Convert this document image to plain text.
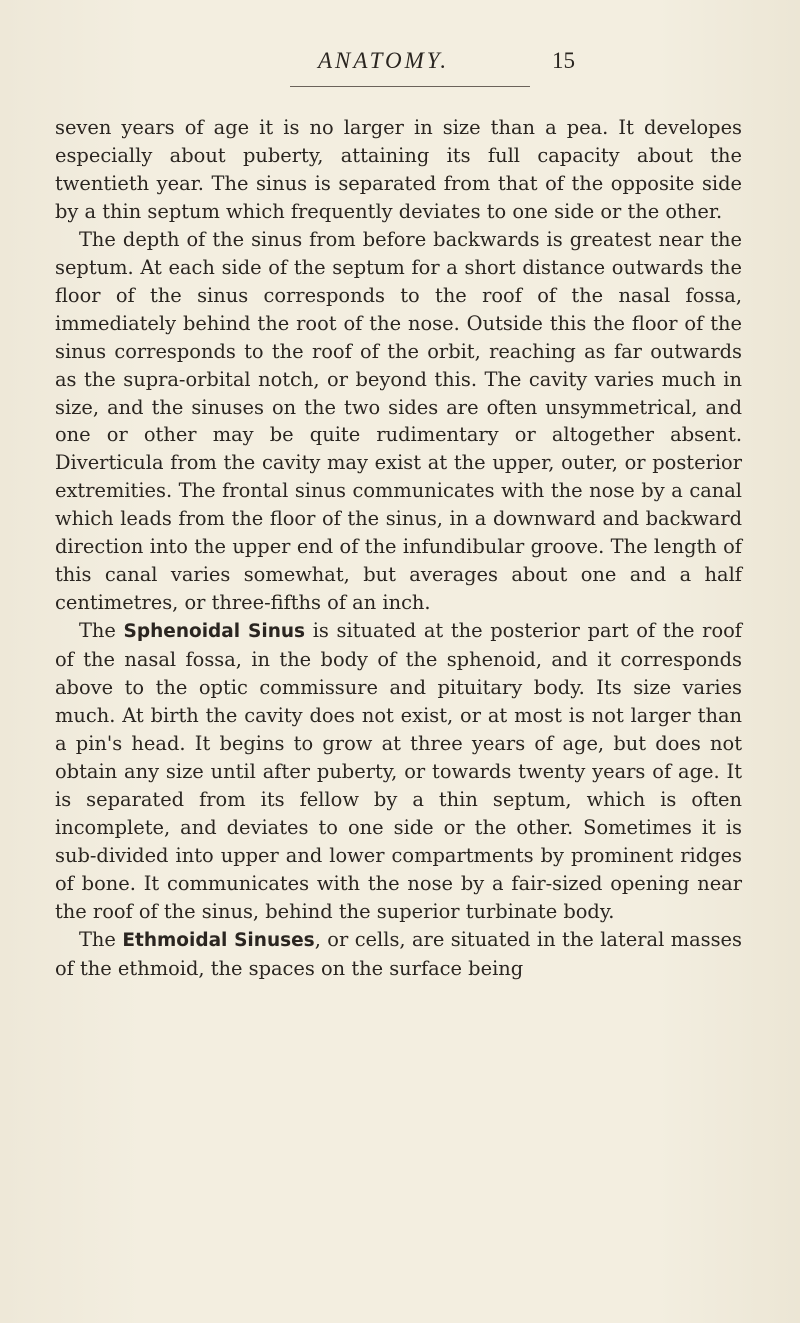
ANATOMY.	15

seven years of age it is no larger in size than a pea. It developes especially about puberty, attaining its full capacity about the twentieth year. The sinus is separated from that of the opposite side by a thin septum which frequently deviates to one side or the other.

The depth of the sinus from before backwards is greatest near the septum. At each side of the septum for a short distance outwards the floor of the sinus corresponds to the roof of the nasal fossa, immediately behind the root of the nose. Outside this the floor of the sinus corresponds to the roof of the orbit, reaching as far outwards as the supra-orbital notch, or beyond this. The cavity varies much in size, and the sinuses on the two sides are often unsymmetrical, and one or other may be quite rudimentary or altogether absent. Diverticula from the cavity may exist at the upper, outer, or posterior extremities. The frontal sinus communicates with the nose by a canal which leads from the floor of the sinus, in a downward and backward direction into the upper end of the infundibular groove. The length of this canal varies somewhat, but averages about one and a half centimetres, or three-fifths of an inch.

The Sphenoidal Sinus is situated at the posterior part of the roof of the nasal fossa, in the body of the sphenoid, and it corresponds above to the optic commissure and pituitary body. Its size varies much. At birth the cavity does not exist, or at most is not larger than a pin's head. It begins to grow at three years of age, but does not obtain any size until after puberty, or towards twenty years of age. It is separated from its fellow by a thin septum, which is often incomplete, and deviates to one side or the other. Sometimes it is sub-divided into upper and lower compartments by prominent ridges of bone. It communicates with the nose by a fair-sized opening near the roof of the sinus, behind the superior turbinate body.

The Ethmoidal Sinuses, or cells, are situated in the lateral masses of the ethmoid, the spaces on the surface being
